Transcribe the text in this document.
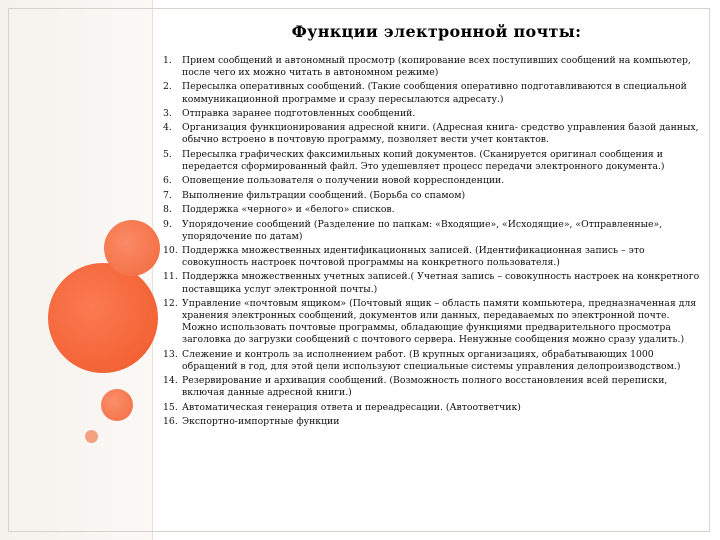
Функции электронной почты:
1. Прием сообщений и автономный просмотр (копирование всех поступивших сообщений на компьютер, после чего их можно читать в автономном режиме)
2. Пересылка оперативных сообщений. (Такие сообщения оперативно подготавливаются в специальной коммуникационной программе и сразу пересылаются адресату.)
3. Отправка заранее подготовленных сообщений.
4. Организация функционирования адресной книги. (Адресная книга- средство управления базой данных, обычно встроено в почтовую программу, позволяет вести учет контактов.
5. Пересылка графических факсимильных копий документов. (Сканируется оригинал сообщения и передается сформированный файл. Это удешевляет процесс передачи электронного документа.)
6. Оповещение пользователя о получении новой корреспонденции.
7. Выполнение фильтрации сообщений. (Борьба со спамом)
8. Поддержка «черного» и «белого» списков.
9. Упорядочение сообщений (Разделение по папкам: «Входящие», «Исходящие», «Отправленные», упорядочение по датам)
10. Поддержка множественных идентификационных записей. (Идентификационная запись – это совокупность настроек почтовой программы на конкретного пользователя.)
11. Поддержка множественных учетных записей.( Учетная запись – совокупность настроек на конкретного поставщика услуг электронной почты.)
12. Управление «почтовым ящиком» (Почтовый ящик – область памяти компьютера, предназначенная для хранения электронных сообщений, документов или данных, передаваемых по электронной почте. Можно использовать почтовые программы, обладающие функциями предварительного просмотра заголовка до загрузки сообщений с почтового сервера. Ненужные сообщения можно сразу удалить.)
13. Слежение и контроль за исполнением работ. (В крупных организациях, обрабатывающих 1000 обращений в год, для этой цели используют специальные системы управления делопроизводством.)
14. Резервирование и архивация сообщений. (Возможность полного восстановления всей переписки, включая данные адресной книги.)
15. Автоматическая генерация ответа и переадресации. (Автоответчик)
16. Экспортно-импортные функции
